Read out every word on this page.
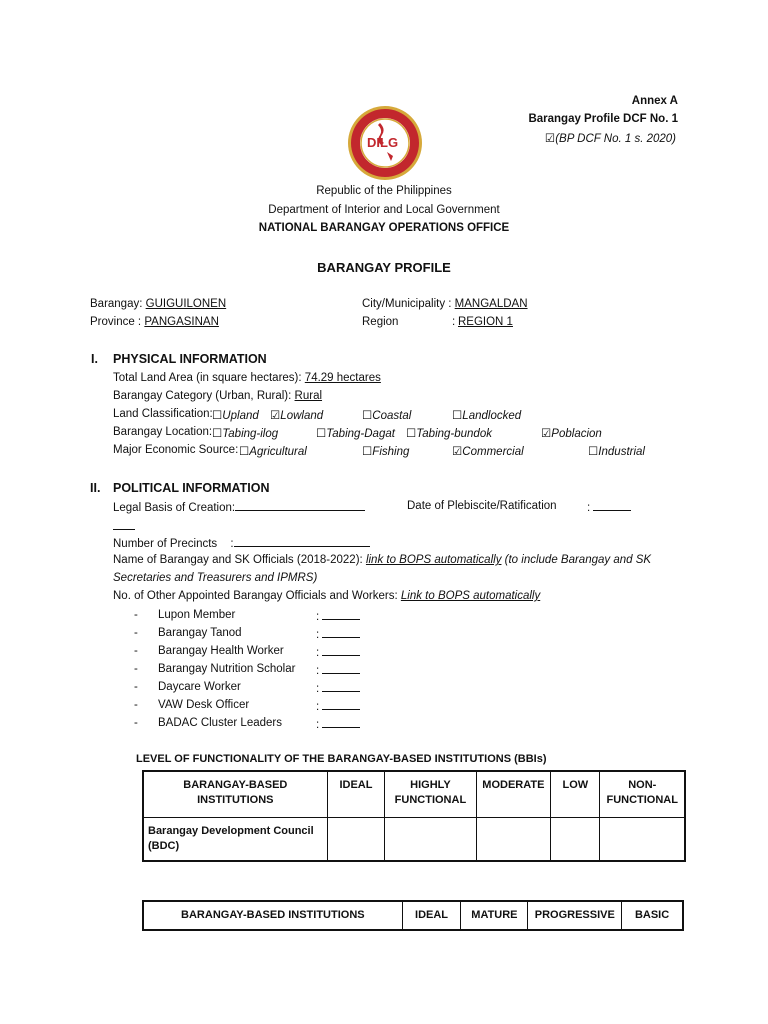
Annex A
Barangay Profile DCF No. 1
☑(BP DCF No. 1 s. 2020)
DILG
Republic of the Philippines
Department of Interior and Local Government
NATIONAL BARANGAY OPERATIONS OFFICE
BARANGAY PROFILE
Barangay: GUIGUILONEN
Province : PANGASINAN
City/Municipality : MANGALDAN
Region	: REGION 1
I. PHYSICAL INFORMATION
Total Land Area (in square hectares): 74.29 hectares
Barangay Category (Urban, Rural): Rural
Land Classification: ☐Upland ☑Lowland	☐Coastal	☐Landlocked
Barangay Location: ☐Tabing-ilog	☐Tabing-Dagat ☐Tabing-bundok	☑Poblacion
Major Economic Source: ☐Agricultural	☐Fishing	☑Commercial	☐Industrial
II. POLITICAL INFORMATION
Legal Basis of Creation:	Date of Plebiscite/Ratification	:
Number of Precincts :
Name of Barangay and SK Officials (2018-2022): link to BOPS automatically (to include Barangay and SK
Secretaries and Treasurers and IPMRS)
No. of Other Appointed Barangay Officials and Workers: Link to BOPS automatically
- Lupon Member	:
- Barangay Tanod	:
- Barangay Health Worker	:
- Barangay Nutrition Scholar :
- Daycare Worker	:
- VAW Desk Officer	:
- BADAC Cluster Leaders	:
LEVEL OF FUNCTIONALITY OF THE BARANGAY-BASED INSTITUTIONS (BBIs)
BARANGAY-BASED INSTITUTIONS	IDEAL	HIGHLY FUNCTIONAL	MODERATE	LOW	NON-FUNCTIONAL
Barangay Development Council (BDC)					
BARANGAY-BASED INSTITUTIONS	IDEAL	MATURE	PROGRESSIVE	BASIC
